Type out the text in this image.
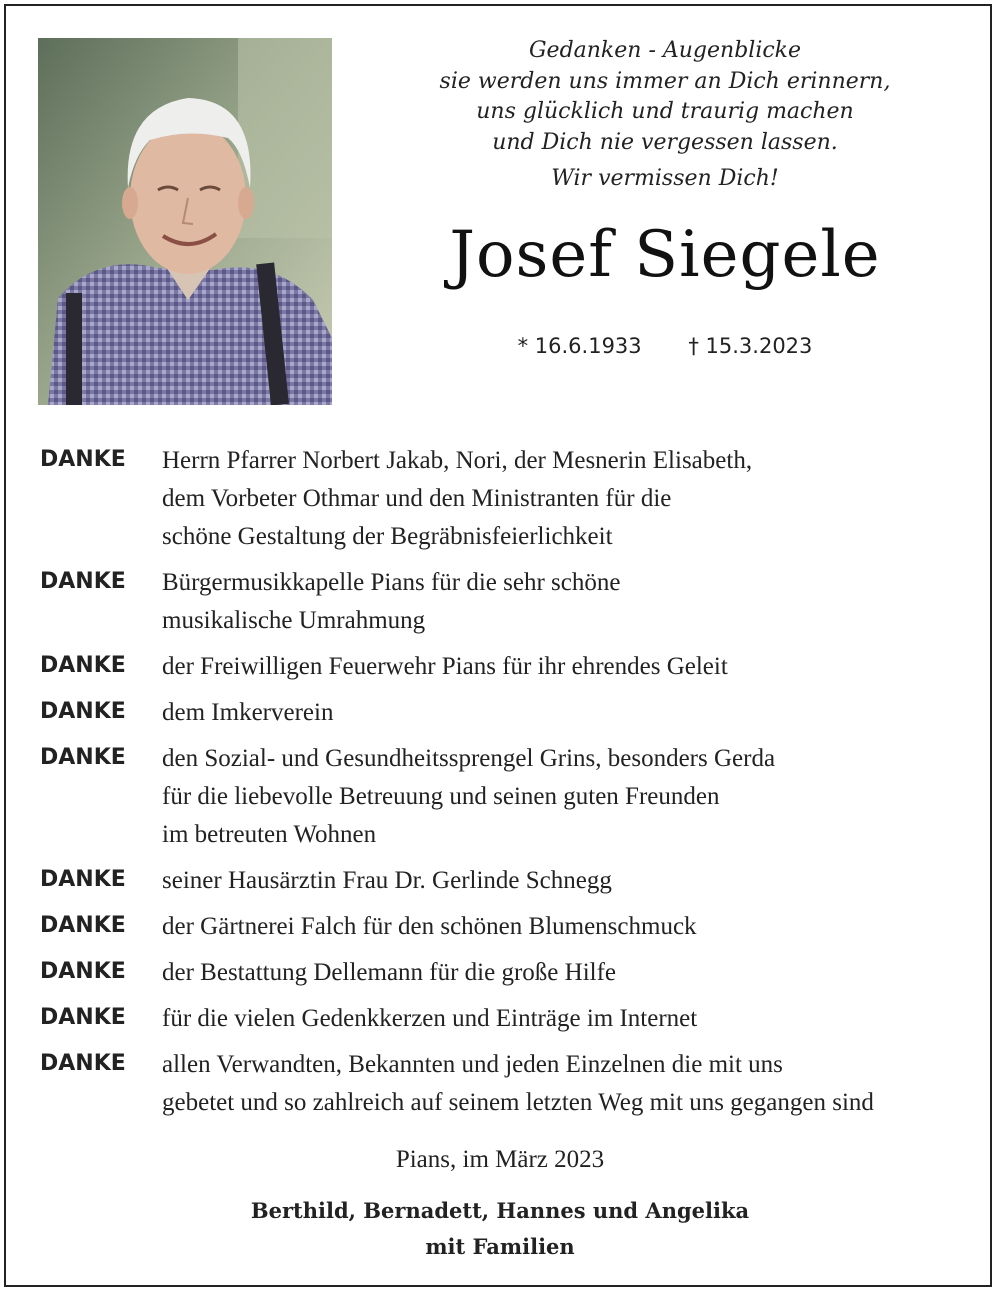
Gedanken - Augenblicke
sie werden uns immer an Dich erinnern,
uns glücklich und traurig machen
und Dich nie vergessen lassen.
Wir vermissen Dich!
Josef Siegele
* 16.6.1933 † 15.3.2023
DANKE	Herrn Pfarrer Norbert Jakab, Nori, der Mesnerin Elisabeth,
dem Vorbeter Othmar und den Ministranten für die
schöne Gestaltung der Begräbnisfeierlichkeit
DANKE	Bürgermusikkapelle Pians für die sehr schöne
musikalische Umrahmung
DANKE	der Freiwilligen Feuerwehr Pians für ihr ehrendes Geleit
DANKE	dem Imkerverein
DANKE	den Sozial- und Gesundheitssprengel Grins, besonders Gerda
für die liebevolle Betreuung und seinen guten Freunden
im betreuten Wohnen
DANKE	seiner Hausärztin Frau Dr. Gerlinde Schnegg
DANKE	der Gärtnerei Falch für den schönen Blumenschmuck
DANKE	der Bestattung Dellemann für die große Hilfe
DANKE	für die vielen Gedenkkerzen und Einträge im Internet
DANKE	allen Verwandten, Bekannten und jeden Einzelnen die mit uns
gebetet und so zahlreich auf seinem letzten Weg mit uns gegangen sind
Pians, im März 2023
Berthild, Bernadett, Hannes und Angelika
mit Familien
